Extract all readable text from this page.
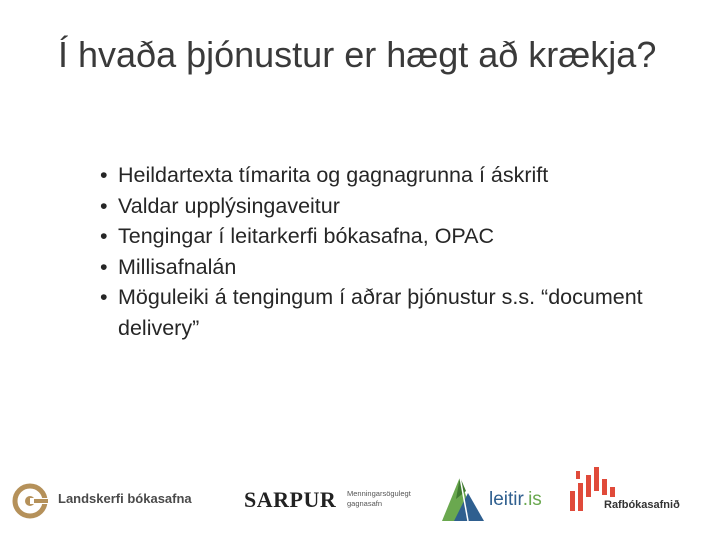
Í hvaða þjónustur er hægt að krækja?
• Heildartexta tímarita og gagnagrunna í áskrift
• Valdar upplýsingaveitur
• Tengingar í leitarkerfi bókasafna, OPAC
• Millisafnalán
• Möguleiki á tengingum í aðrar þjónustur s.s. “document delivery”
Landskerfi bókasafna SARPUR Menningarsögulegt gagnasafn	leitir.is	Rafbókasafnið
